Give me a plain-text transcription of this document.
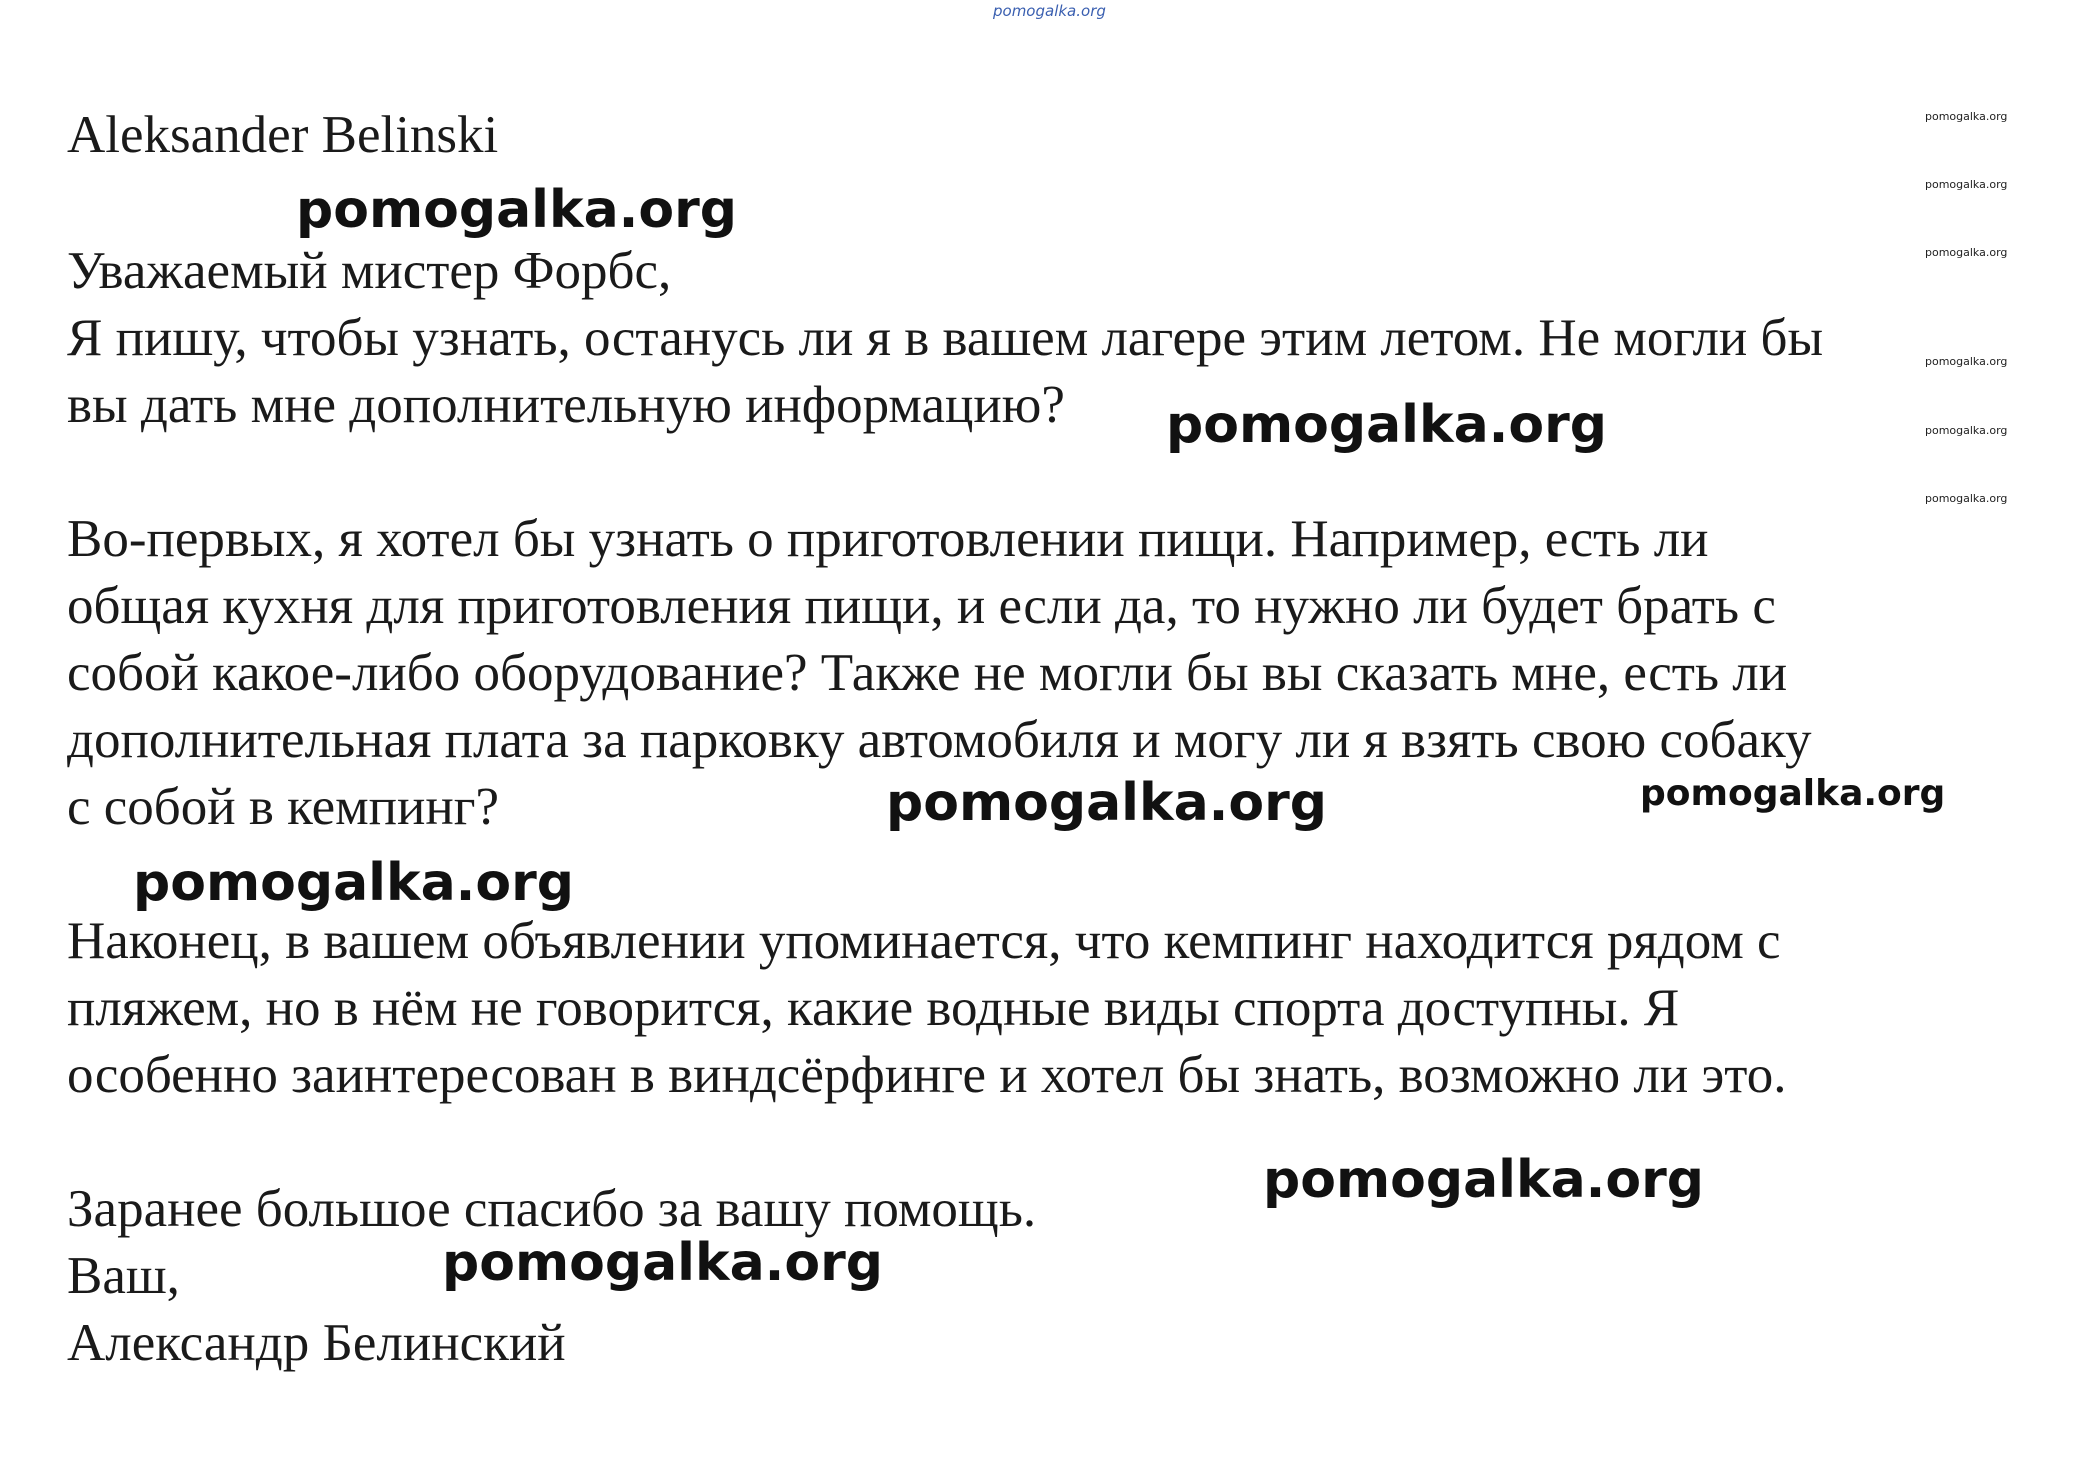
pomogalka.org
pomogalka.org
pomogalka.org
pomogalka.org
pomogalka.org
pomogalka.org
pomogalka.org
Aleksander Belinski
Уважаемый мистер Форбс,
Я пишу, чтобы узнать, останусь ли я в вашем лагере этим летом. Не могли бы
вы дать мне дополнительную информацию?
Во-первых, я хотел бы узнать о приготовлении пищи. Например, есть ли
общая кухня для приготовления пищи, и если да, то нужно ли будет брать с
собой какое-либо оборудование? Также не могли бы вы сказать мне, есть ли
дополнительная плата за парковку автомобиля и могу ли я взять свою собаку
с собой в кемпинг?
Наконец, в вашем объявлении упоминается, что кемпинг находится рядом с
пляжем, но в нём не говорится, какие водные виды спорта доступны. Я
особенно заинтересован в виндсёрфинге и хотел бы знать, возможно ли это.
Заранее большое спасибо за вашу помощь.
Ваш,
Александр Белинский
pomogalka.org
pomogalka.org
pomogalka.org	pomogalka.org
pomogalka.org
pomogalka.org
pomogalka.org
